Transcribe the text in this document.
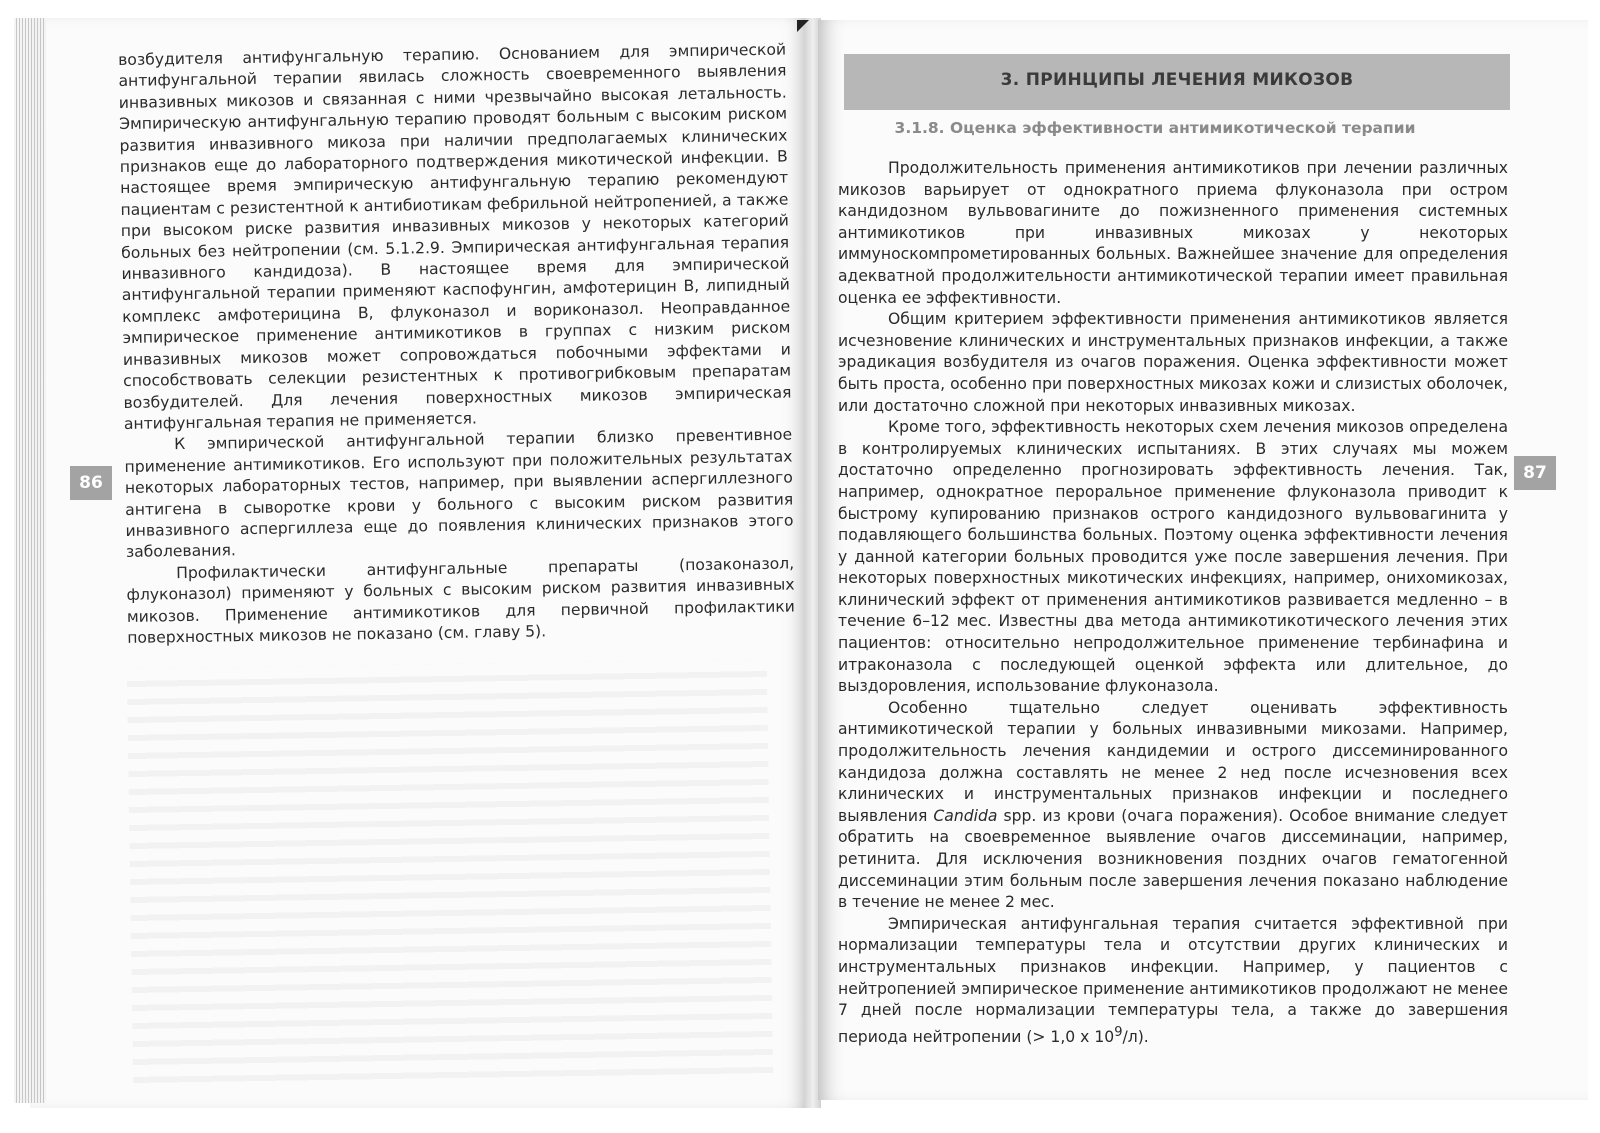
возбудителя антифунгальную терапию. Основанием для эмпирической антифунгальной терапии явилась сложность своевременного выявления инвазивных микозов и связанная с ними чрезвычайно высокая летальность. Эмпирическую антифунгальную терапию проводят больным с высоким риском развития инвазивного микоза при наличии предполагаемых клинических признаков еще до лабораторного подтверждения микотической инфекции. В настоящее время эмпирическую антифунгальную терапию рекомендуют пациентам с резистентной к антибиотикам фебрильной нейтропенией, а также при высоком риске развития инвазивных микозов у некоторых категорий больных без нейтропении (см. 5.1.2.9. Эмпирическая антифунгальная терапия инвазивного кандидоза). В настоящее время для эмпирической антифунгальной терапии применяют каспофунгин, амфотерицин В, липидный комплекс амфотерицина В, флуконазол и вориконазол. Неоправданное эмпирическое применение антимикотиков в группах с низким риском инвазивных микозов может сопровождаться побочными эффектами и способствовать селекции резистентных к противогрибковым препаратам возбудителей. Для лечения поверхностных микозов эмпирическая антифунгальная терапия не применяется.

К эмпирической антифунгальной терапии близко превентивное применение антимикотиков. Его используют при положительных результатах некоторых лабораторных тестов, например, при выявлении аспергиллезного антигена в сыворотке крови у больного с высоким риском развития инвазивного аспергиллеза еще до появления клинических признаков этого заболевания.

Профилактически антифунгальные препараты (позаконазол, флуконазол) применяют у больных с высоким риском развития инвазивных микозов. Применение антимикотиков для первичной профилактики поверхностных микозов не показано (см. главу 5).

86
3. ПРИНЦИПЫ ЛЕЧЕНИЯ МИКОЗОВ
3.1.8. Оценка эффективности антимикотической терапии

Продолжительность применения антимикотиков при лечении различных микозов варьирует от однократного приема флуконазола при остром кандидозном вульвовагините до пожизненного применения системных антимикотиков при инвазивных микозах у некоторых иммуноскомпрометированных больных. Важнейшее значение для определения адекватной продолжительности антимикотической терапии имеет правильная оценка ее эффективности.

Общим критерием эффективности применения антимикотиков является исчезновение клинических и инструментальных признаков инфекции, а также эрадикация возбудителя из очагов поражения. Оценка эффективности может быть проста, особенно при поверхностных микозах кожи и слизистых оболочек, или достаточно сложной при некоторых инвазивных микозах.

Кроме того, эффективность некоторых схем лечения микозов определена в контролируемых клинических испытаниях. В этих случаях мы можем достаточно определенно прогнозировать эффективность лечения. Так, например, однократное пероральное применение флуконазола приводит к быстрому купированию признаков острого кандидозного вульвовагинита у подавляющего большинства больных. Поэтому оценка эффективности лечения у данной категории больных проводится уже после завершения лечения. При некоторых поверхностных микотических инфекциях, например, онихомикозах, клинический эффект от применения антимикотиков развивается медленно – в течение 6–12 мес. Известны два метода антимикотикотического лечения этих пациентов: относительно непродолжительное применение тербинафина и итраконазола с последующей оценкой эффекта или длительное, до выздоровления, использование флуконазола.

Особенно тщательно следует оценивать эффективность антимикотической терапии у больных инвазивными микозами. Например, продолжительность лечения кандидемии и острого диссеминированного кандидоза должна составлять не менее 2 нед после исчезновения всех клинических и инструментальных признаков инфекции и последнего выявления Candida spp. из крови (очага поражения). Особое внимание следует обратить на своевременное выявление очагов диссеминации, например, ретинита. Для исключения возникновения поздних очагов гематогенной диссеминации этим больным после завершения лечения показано наблюдение в течение не менее 2 мес.

Эмпирическая антифунгальная терапия считается эффективной при нормализации температуры тела и отсутствии других клинических и инструментальных признаков инфекции. Например, у пациентов с нейтропенией эмпирическое применение антимикотиков продолжают не менее 7 дней после нормализации температуры тела, а также до завершения периода нейтропении (> 1,0 х $10^9/л$).

87
